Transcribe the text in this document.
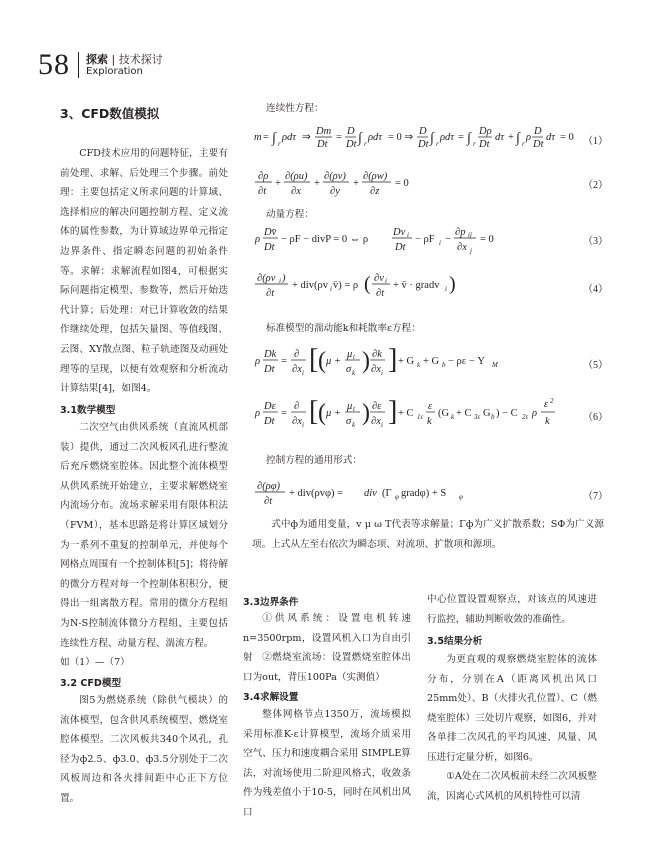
58 探索 | 技术探讨
Exploration
3、CFD数值模拟

CFD技术应用的问题特征，主要有前处理、求解、后处理三个步骤。前处理：主要包括定义所求问题的计算域、选择相应的解决问题控制方程、定义流体的属性参数，为计算域边界单元指定边界条件、指定瞬态问题的初始条件等。求解：求解流程如图4，可根据实际问题指定模型、参数等，然后开始迭代计算；后处理：对已计算收敛的结果作继续处理，包括矢量图、等值线图、云图、XY散点图、粒子轨迹图及动画处理等的呈现，以便有效观察和分析流动计算结果[4]，如图4。

3.1数学模型

二次空气由供风系统（直流风机部装）提供，通过二次风板风孔进行整流后充斥燃烧室腔体。因此整个流体模型从供风系统开始建立，主要求解燃烧室内流场分布。流场求解采用有限体积法（FVM），基本思路是将计算区域划分为一系列不重复的控制单元，并使每个网格点周围有一个控制体积[5]；将待解的微分方程对每一个控制体积积分，便得出一组离散方程。常用的微分方程组为N-S控制流体微分方程组，主要包括连续性方程、动量方程、湍流方程。

如（1）—（7）

3.2 CFD模型

图5为燃烧系统（除供气模块）的流体模型，包含供风系统模型、燃烧室腔体模型。二次风板共340个风孔，孔径为ф2.5、ф3.0、ф3.5分别处于二次风板周边和各火排间距中心正下方位置。

连续性方程：
m = ∫ r
ρdτ ⇒
Dm
Dt
=
D
Dt ∫ r
ρdτ = 0 ⇒
D
Dt ∫ r
ρdτ = ∫ r
Dρ
Dt
dτ + ∫ r
ρ
D
Dt
dτ = 0 （1）
∂ρ
∂t
+
∂(ρu)
∂x
+
∂(ρv)
∂y
+
∂(ρw)
∂z
= 0	（2）
动量方程：
ρ
Dv̄
Dt
− ρF − divP = 0 ⇔ ρ
Dv i
Dt
− ρF i −
∂p ij
∂x j
= 0	（3）
∂(ρv i )
∂t
+ div(ρv i v̄) = ρ ( ∂v i
∂t
+ v̄ · gradv i )	（4）
标准模型的湍动能k和耗散率ε方程：
ρ
Dk
Dt
=
∂
∂x i [ ( μ +
μ t
σ k ) ∂k
∂x i ] + G k + G b − ρε − Y M	（5）
ρ
Dε
Dt
=
∂
∂x i [ ( μ +
μ t
σ k ) ∂ε
∂x i ] + C 1ε
ε
k
(G k + C 3ε G b ) − C 2ε ρ
ε 2
k	（6）
控制方程的通用形式：
∂(ρφ)
∂t
+ div(ρvφ) = div (Γ φ gradφ) + S φ	（7）

式中ф为通用变量，v μ ω T代表等求解量；Γф为广义扩散系数；SФ为广义源项。上式从左至右依次为瞬态项、对流项、扩散项和源项。

3.3边界条件

①供风系统：设置电机转速n=3500rpm，设置风机入口为自由引射 ②燃烧室流场：设置燃烧室腔体出口为out，背压100Pa（实测值）

3.4求解设置

整体网格节点1350万，流场模拟采用标准K-ε计算模型，流场介质采用空气、压力和速度耦合采用 SIMPLE算法，对流场使用二阶迎风格式，收敛条件为残差值小于10-5，同时在风机出风口

中心位置设置观察点，对该点的风速进行监控，辅助判断收敛的准确性。

3.5结果分析

为更直观的观察燃烧室腔体的流体分布，分别在A（距离风机出风口25mm处）、B（火排火孔位置）、C（燃烧室腔体）三处切片观察，如图6，并对各单排二次风孔的平均风速、风量、风压进行定量分析，如图6。

①A处在二次风板前未经二次风板整流，因离心式风机的风机特性可以清
